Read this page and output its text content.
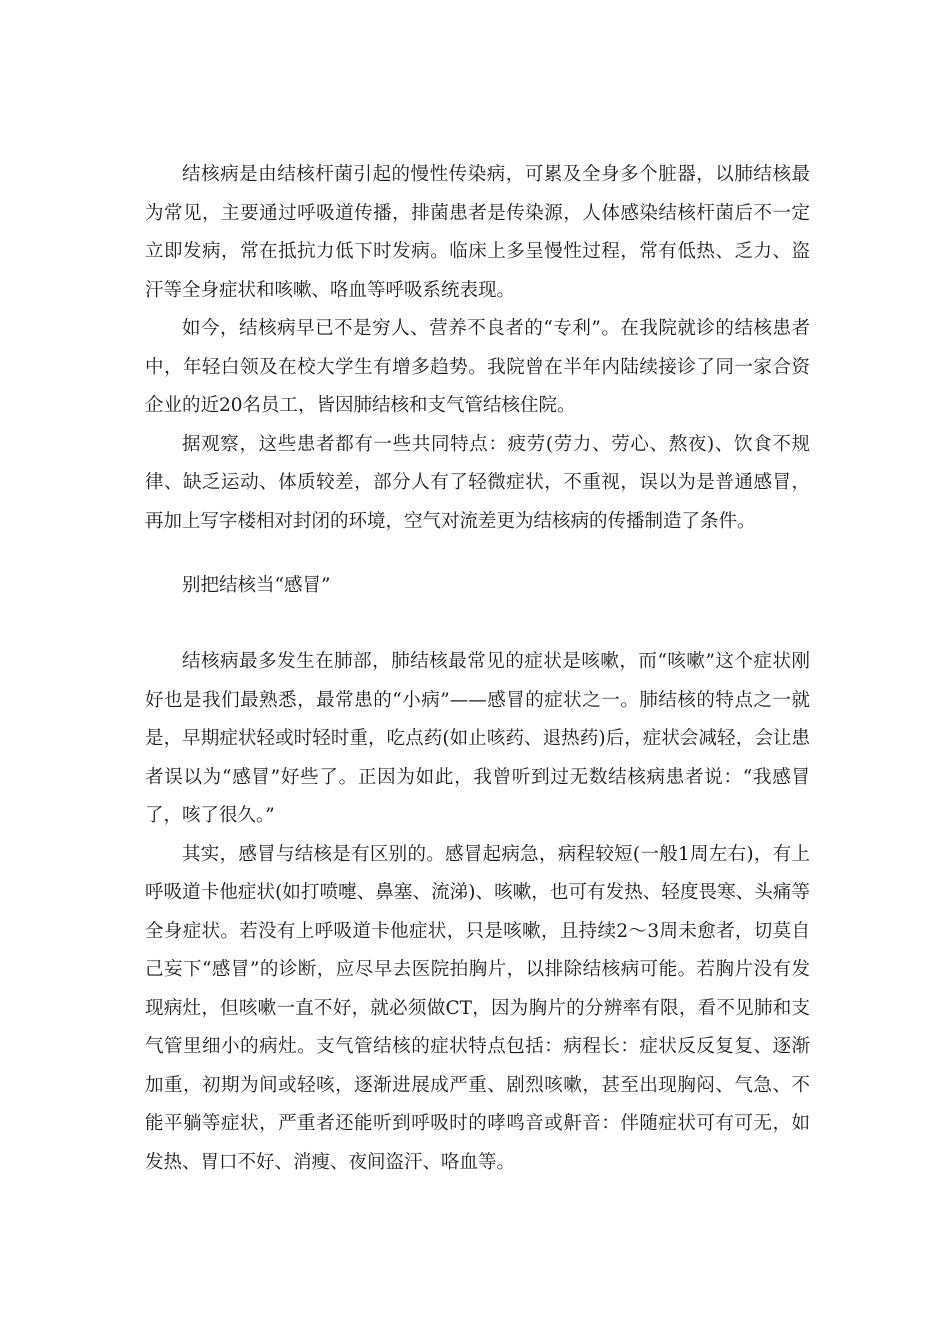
结核病是由结核杆菌引起的慢性传染病，可累及全身多个脏器，以肺结核最为常见，主要通过呼吸道传播，排菌患者是传染源，人体感染结核杆菌后不一定立即发病，常在抵抗力低下时发病。临床上多呈慢性过程，常有低热、乏力、盗汗等全身症状和咳嗽、咯血等呼吸系统表现。

如今，结核病早已不是穷人、营养不良者的“专利”。在我院就诊的结核患者中，年轻白领及在校大学生有增多趋势。我院曾在半年内陆续接诊了同一家合资企业的近20名员工，皆因肺结核和支气管结核住院。

据观察，这些患者都有一些共同特点：疲劳(劳力、劳心、熬夜)、饮食不规律、缺乏运动、体质较差，部分人有了轻微症状，不重视，误以为是普通感冒，再加上写字楼相对封闭的环境，空气对流差更为结核病的传播制造了条件。

别把结核当“感冒”

结核病最多发生在肺部，肺结核最常见的症状是咳嗽，而“咳嗽”这个症状刚好也是我们最熟悉，最常患的“小病”——感冒的症状之一。肺结核的特点之一就是，早期症状轻或时轻时重，吃点药(如止咳药、退热药)后，症状会减轻，会让患者误以为“感冒”好些了。正因为如此，我曾听到过无数结核病患者说：“我感冒了，咳了很久。”

其实，感冒与结核是有区别的。感冒起病急，病程较短(一般1周左右)，有上呼吸道卡他症状(如打喷嚏、鼻塞、流涕)、咳嗽，也可有发热、轻度畏寒、头痛等全身症状。若没有上呼吸道卡他症状，只是咳嗽，且持续2～3周未愈者，切莫自己妄下“感冒”的诊断，应尽早去医院拍胸片，以排除结核病可能。若胸片没有发现病灶，但咳嗽一直不好，就必须做CT，因为胸片的分辨率有限，看不见肺和支气管里细小的病灶。支气管结核的症状特点包括：病程长：症状反反复复、逐渐加重，初期为间或轻咳，逐渐进展成严重、剧烈咳嗽，甚至出现胸闷、气急、不能平躺等症状，严重者还能听到呼吸时的哮鸣音或鼾音：伴随症状可有可无，如发热、胃口不好、消瘦、夜间盗汗、咯血等。
